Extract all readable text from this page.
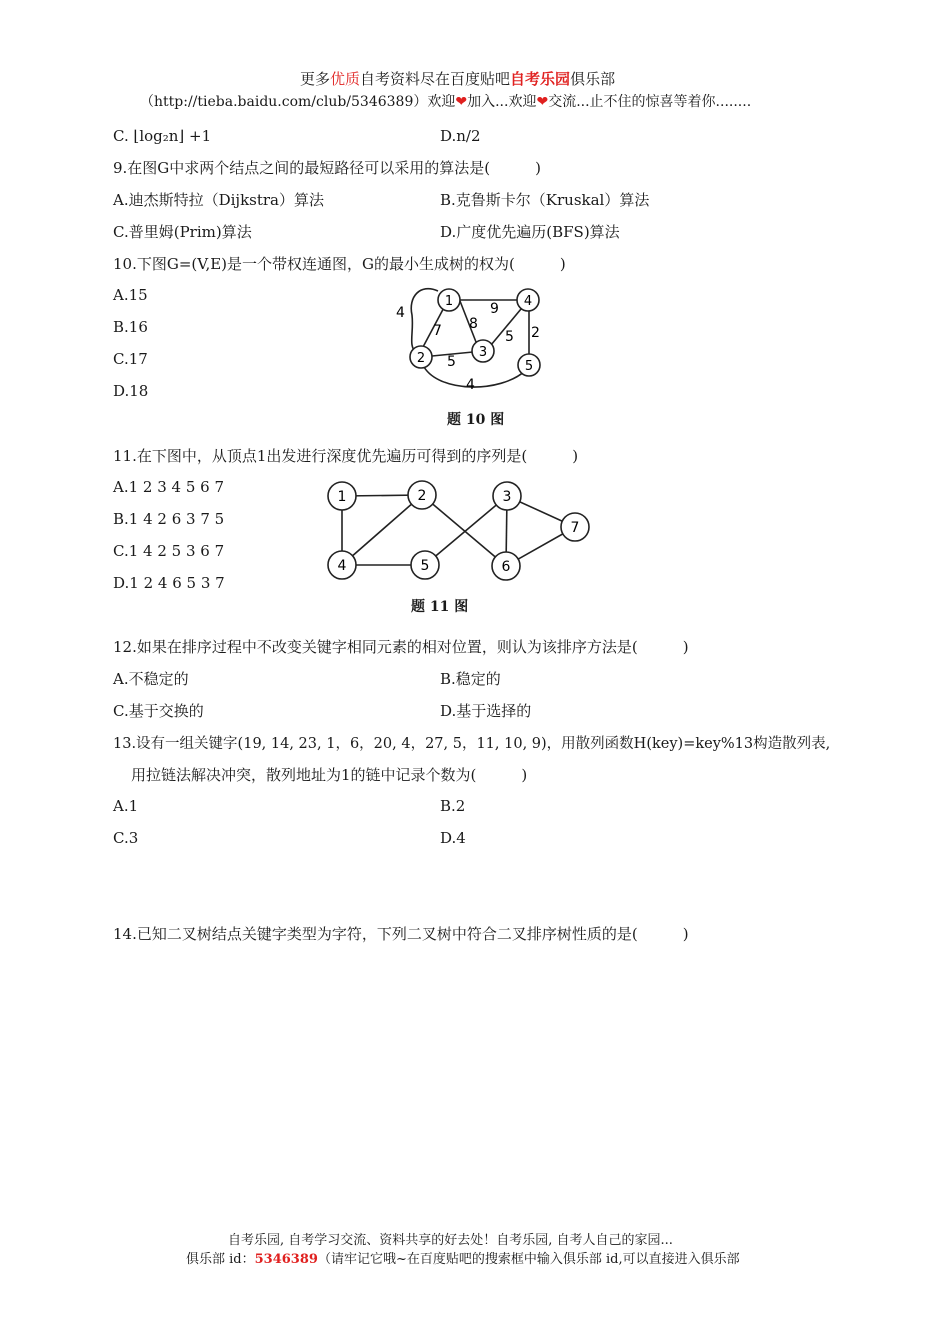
更多优质自考资料尽在百度贴吧自考乐园俱乐部
（http://tieba.baidu.com/club/5346389）欢迎❤加入...欢迎❤交流...止不住的惊喜等着你........
C. ⌊log₂n⌋ +1	D.n/2
9.在图G中求两个结点之间的最短路径可以采用的算法是(　　　)
A.迪杰斯特拉（Dijkstra）算法	B.克鲁斯卡尔（Kruskal）算法
C.普里姆(Prim)算法	D.广度优先遍历(BFS)算法
10.下图G=(V,E)是一个带权连通图，G的最小生成树的权为(　　　)
A.15
B.16
C.17
D.18
1
2	3
4
5
4
7 8
9
5 2
5
4
题 10 图
11.在下图中，从顶点1出发进行深度优先遍历可得到的序列是(　　　)
A.1 2 3 4 5 6 7
B.1 4 2 6 3 7 5
C.1 4 2 5 3 6 7
D.1 2 4 6 5 3 7
1	2	3
4	5	6
7
题 11 图
12.如果在排序过程中不改变关键字相同元素的相对位置，则认为该排序方法是(　　　)
A.不稳定的	B.稳定的
C.基于交换的	D.基于选择的
13.设有一组关键字(19, 14, 23, 1，6，20, 4，27, 5，11, 10, 9)，用散列函数H(key)=key%13构造散列表,
用拉链法解决冲突，散列地址为1的链中记录个数为(　　　)
A.1	B.2
C.3	D.4
14.已知二叉树结点关键字类型为字符，下列二叉树中符合二叉排序树性质的是(　　　)
自考乐园, 自考学习交流、资料共享的好去处！自考乐园, 自考人自己的家园...
俱乐部 id：5346389（请牢记它哦~在百度贴吧的搜索框中输入俱乐部 id,可以直接进入俱乐部
